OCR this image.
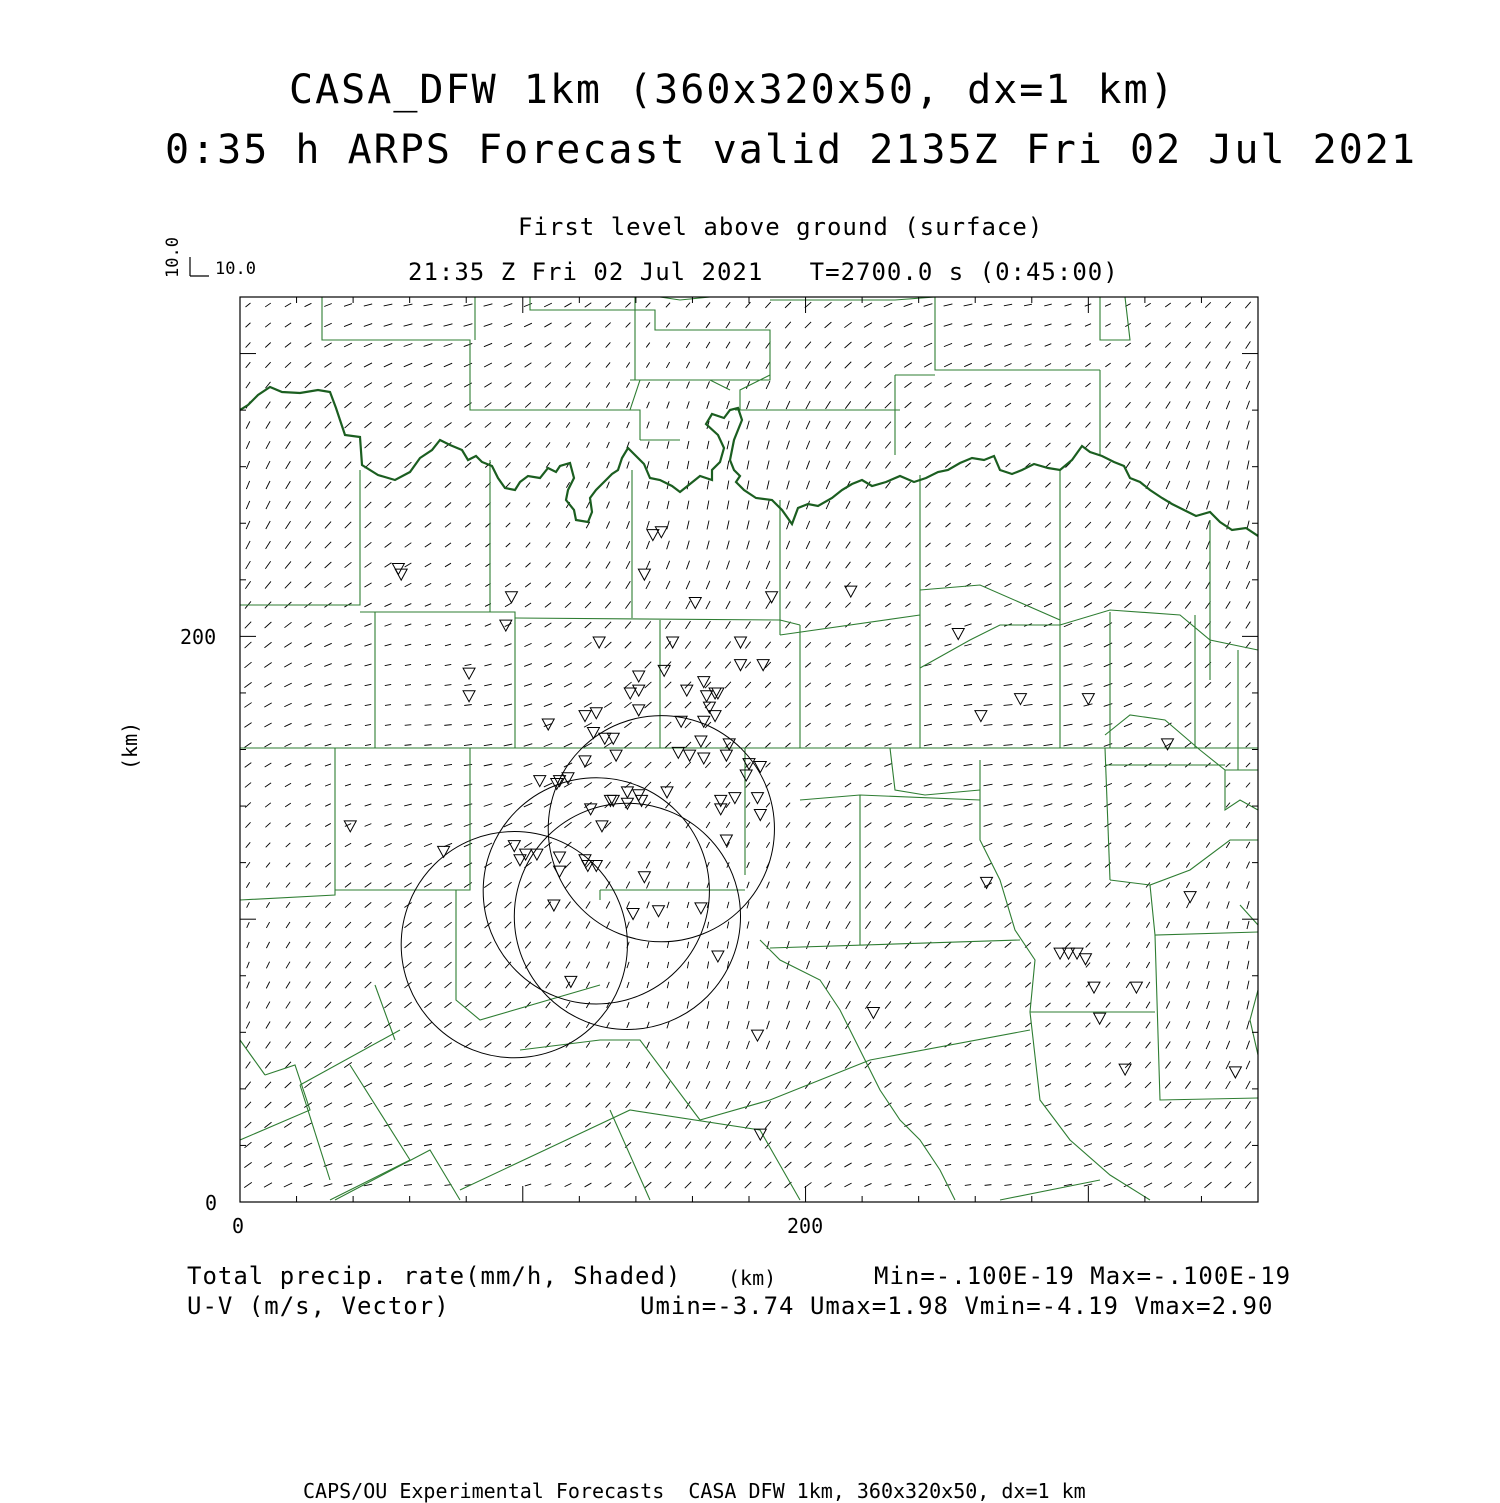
CASA_DFW 1km (360x320x50, dx=1 km)
0:35 h ARPS Forecast valid 2135Z Fri 02 Jul 2021
First level above ground (surface)
21:35 Z Fri 02 Jul 2021   T=2700.0 s (0:45:00)
10.0
10.0
200
0
0	200
(km)
Total precip. rate(mm/h, Shaded) (km)	Min=-.100E-19 Max=-.100E-19
U-V (m/s, Vector)	Umin=-3.74 Umax=1.98 Vmin=-4.19 Vmax=2.90
CAPS/OU Experimental Forecasts  CASA DFW 1km, 360x320x50, dx=1 km
